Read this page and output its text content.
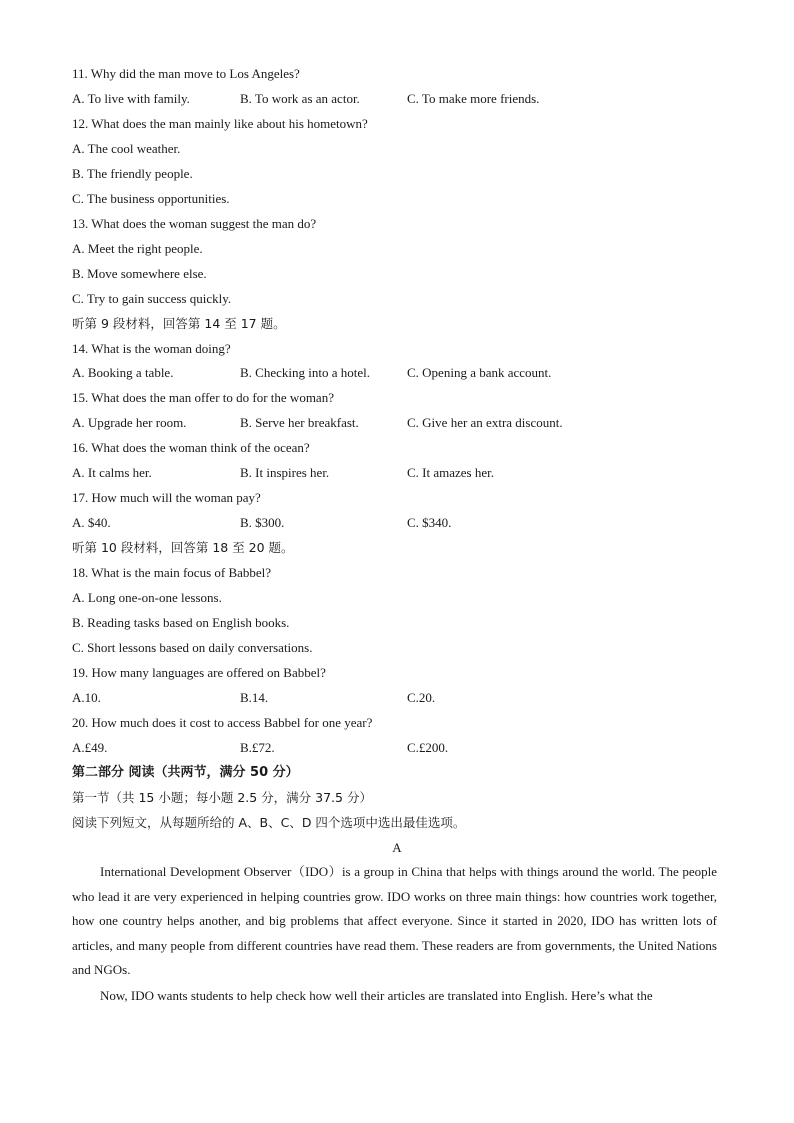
11. Why did the man move to Los Angeles?
A. To live with family.	B. To work as an actor.	C. To make more friends.
12. What does the man mainly like about his hometown?
A. The cool weather.
B. The friendly people.
C. The business opportunities.
13. What does the woman suggest the man do?
A. Meet the right people.
B. Move somewhere else.
C. Try to gain success quickly.
听第 9 段材料，回答第 14 至 17 题。
14. What is the woman doing?
A. Booking a table.	B. Checking into a hotel.	C. Opening a bank account.
15. What does the man offer to do for the woman?
A. Upgrade her room.	B. Serve her breakfast.	C. Give her an extra discount.
16. What does the woman think of the ocean?
A. It calms her.	B. It inspires her.	C. It amazes her.
17. How much will the woman pay?
A. $40.	B. $300.	C. $340.
听第 10 段材料，回答第 18 至 20 题。
18. What is the main focus of Babbel?
A. Long one-on-one lessons.
B. Reading tasks based on English books.
C. Short lessons based on daily conversations.
19. How many languages are offered on Babbel?
A.10.	B.14.	C.20.
20. How much does it cost to access Babbel for one year?
A.£49.	B.£72.	C.£200.
第二部分 阅读（共两节，满分 50 分）
第一节（共 15 小题；每小题 2.5 分，满分 37.5 分）
阅读下列短文，从每题所给的 A、B、C、D 四个选项中选出最佳选项。
A
International Development Observer（IDO）is a group in China that helps with things around the world. The people who lead it are very experienced in helping countries grow. IDO works on three main things: how countries work together, how one country helps another, and big problems that affect everyone. Since it started in 2020, IDO has written lots of articles, and many people from different countries have read them. These readers are from governments, the United Nations and NGOs.
Now, IDO wants students to help check how well their articles are translated into English. Here’s what the
